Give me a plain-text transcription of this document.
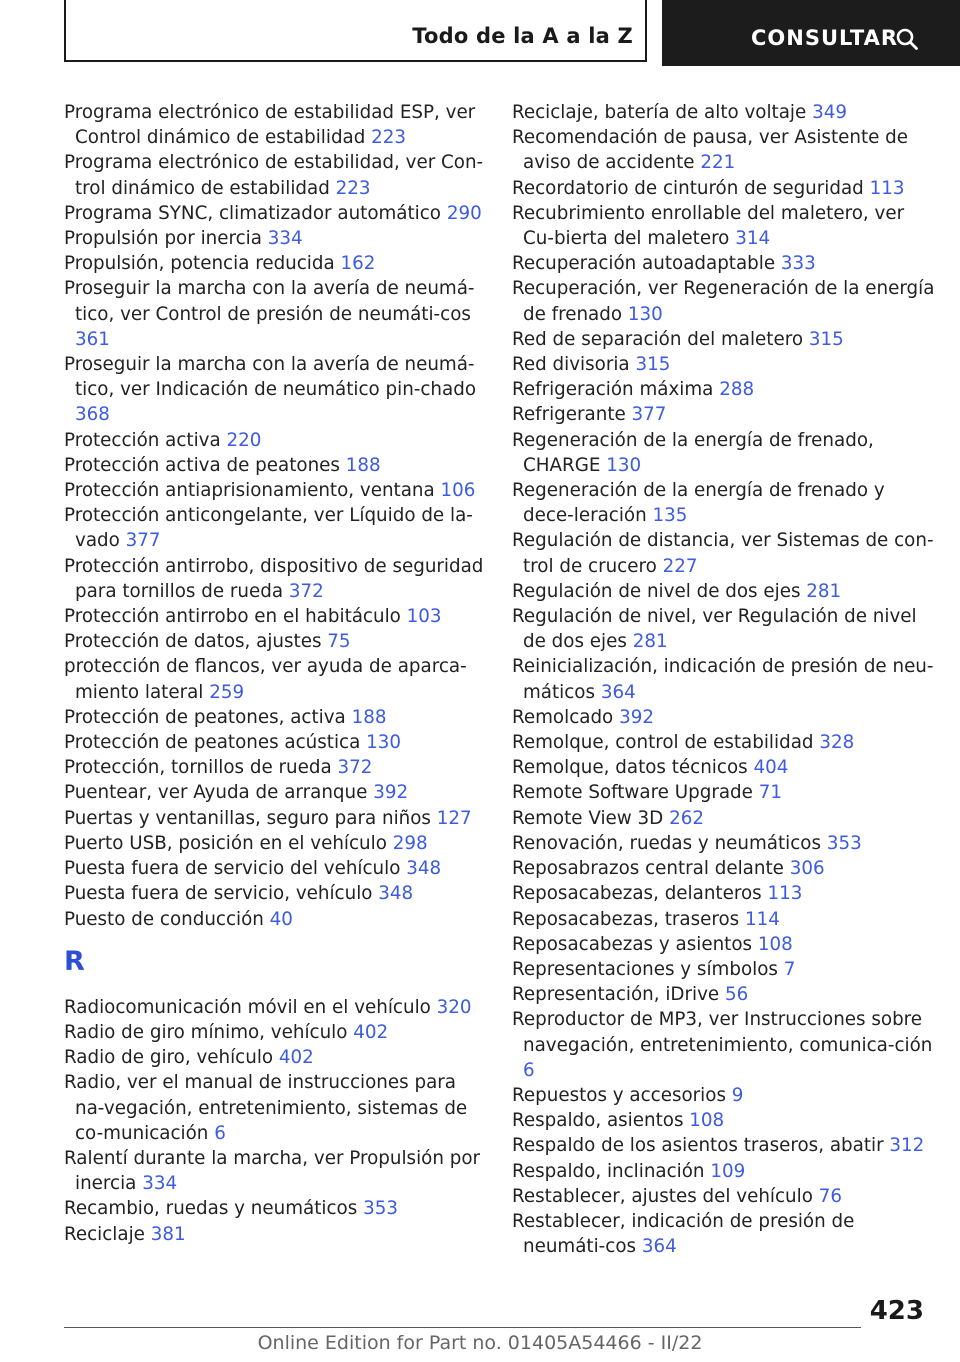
Todo de la A a la Z	CONSULTAR
Programa electrónico de estabilidad ESP, ver Control dinámico de estabilidad 223
Programa electrónico de estabilidad, ver Con-trol dinámico de estabilidad 223
Programa SYNC, climatizador automático 290
Propulsión por inercia 334
Propulsión, potencia reducida 162
Proseguir la marcha con la avería de neumá-tico, ver Control de presión de neumáti-cos 361
Proseguir la marcha con la avería de neumá-tico, ver Indicación de neumático pin-chado 368
Protección activa 220
Protección activa de peatones 188
Protección antiaprisionamiento, ventana 106
Protección anticongelante, ver Líquido de la-vado 377
Protección antirrobo, dispositivo de seguridad para tornillos de rueda 372
Protección antirrobo en el habitáculo 103
Protección de datos, ajustes 75
protección de flancos, ver ayuda de aparca-miento lateral 259
Protección de peatones, activa 188
Protección de peatones acústica 130
Protección, tornillos de rueda 372
Puentear, ver Ayuda de arranque 392
Puertas y ventanillas, seguro para niños 127
Puerto USB, posición en el vehículo 298
Puesta fuera de servicio del vehículo 348
Puesta fuera de servicio, vehículo 348
Puesto de conducción 40
R
Radiocomunicación móvil en el vehículo 320
Radio de giro mínimo, vehículo 402
Radio de giro, vehículo 402
Radio, ver el manual de instrucciones para na-vegación, entretenimiento, sistemas de co-municación 6
Ralentí durante la marcha, ver Propulsión por inercia 334
Recambio, ruedas y neumáticos 353
Reciclaje 381
Reciclaje, batería de alto voltaje 349
Recomendación de pausa, ver Asistente de aviso de accidente 221
Recordatorio de cinturón de seguridad 113
Recubrimiento enrollable del maletero, ver Cu-bierta del maletero 314
Recuperación autoadaptable 333
Recuperación, ver Regeneración de la energía de frenado 130
Red de separación del maletero 315
Red divisoria 315
Refrigeración máxima 288
Refrigerante 377
Regeneración de la energía de frenado, CHARGE 130
Regeneración de la energía de frenado y dece-leración 135
Regulación de distancia, ver Sistemas de con-trol de crucero 227
Regulación de nivel de dos ejes 281
Regulación de nivel, ver Regulación de nivel de dos ejes 281
Reinicialización, indicación de presión de neu-máticos 364
Remolcado 392
Remolque, control de estabilidad 328
Remolque, datos técnicos 404
Remote Software Upgrade 71
Remote View 3D 262
Renovación, ruedas y neumáticos 353
Reposabrazos central delante 306
Reposacabezas, delanteros 113
Reposacabezas, traseros 114
Reposacabezas y asientos 108
Representaciones y símbolos 7
Representación, iDrive 56
Reproductor de MP3, ver Instrucciones sobre navegación, entretenimiento, comunica-ción 6
Repuestos y accesorios 9
Respaldo, asientos 108
Respaldo de los asientos traseros, abatir 312
Respaldo, inclinación 109
Restablecer, ajustes del vehículo 76
Restablecer, indicación de presión de neumáti-cos 364
423
Online Edition for Part no. 01405A54466 - II/22
